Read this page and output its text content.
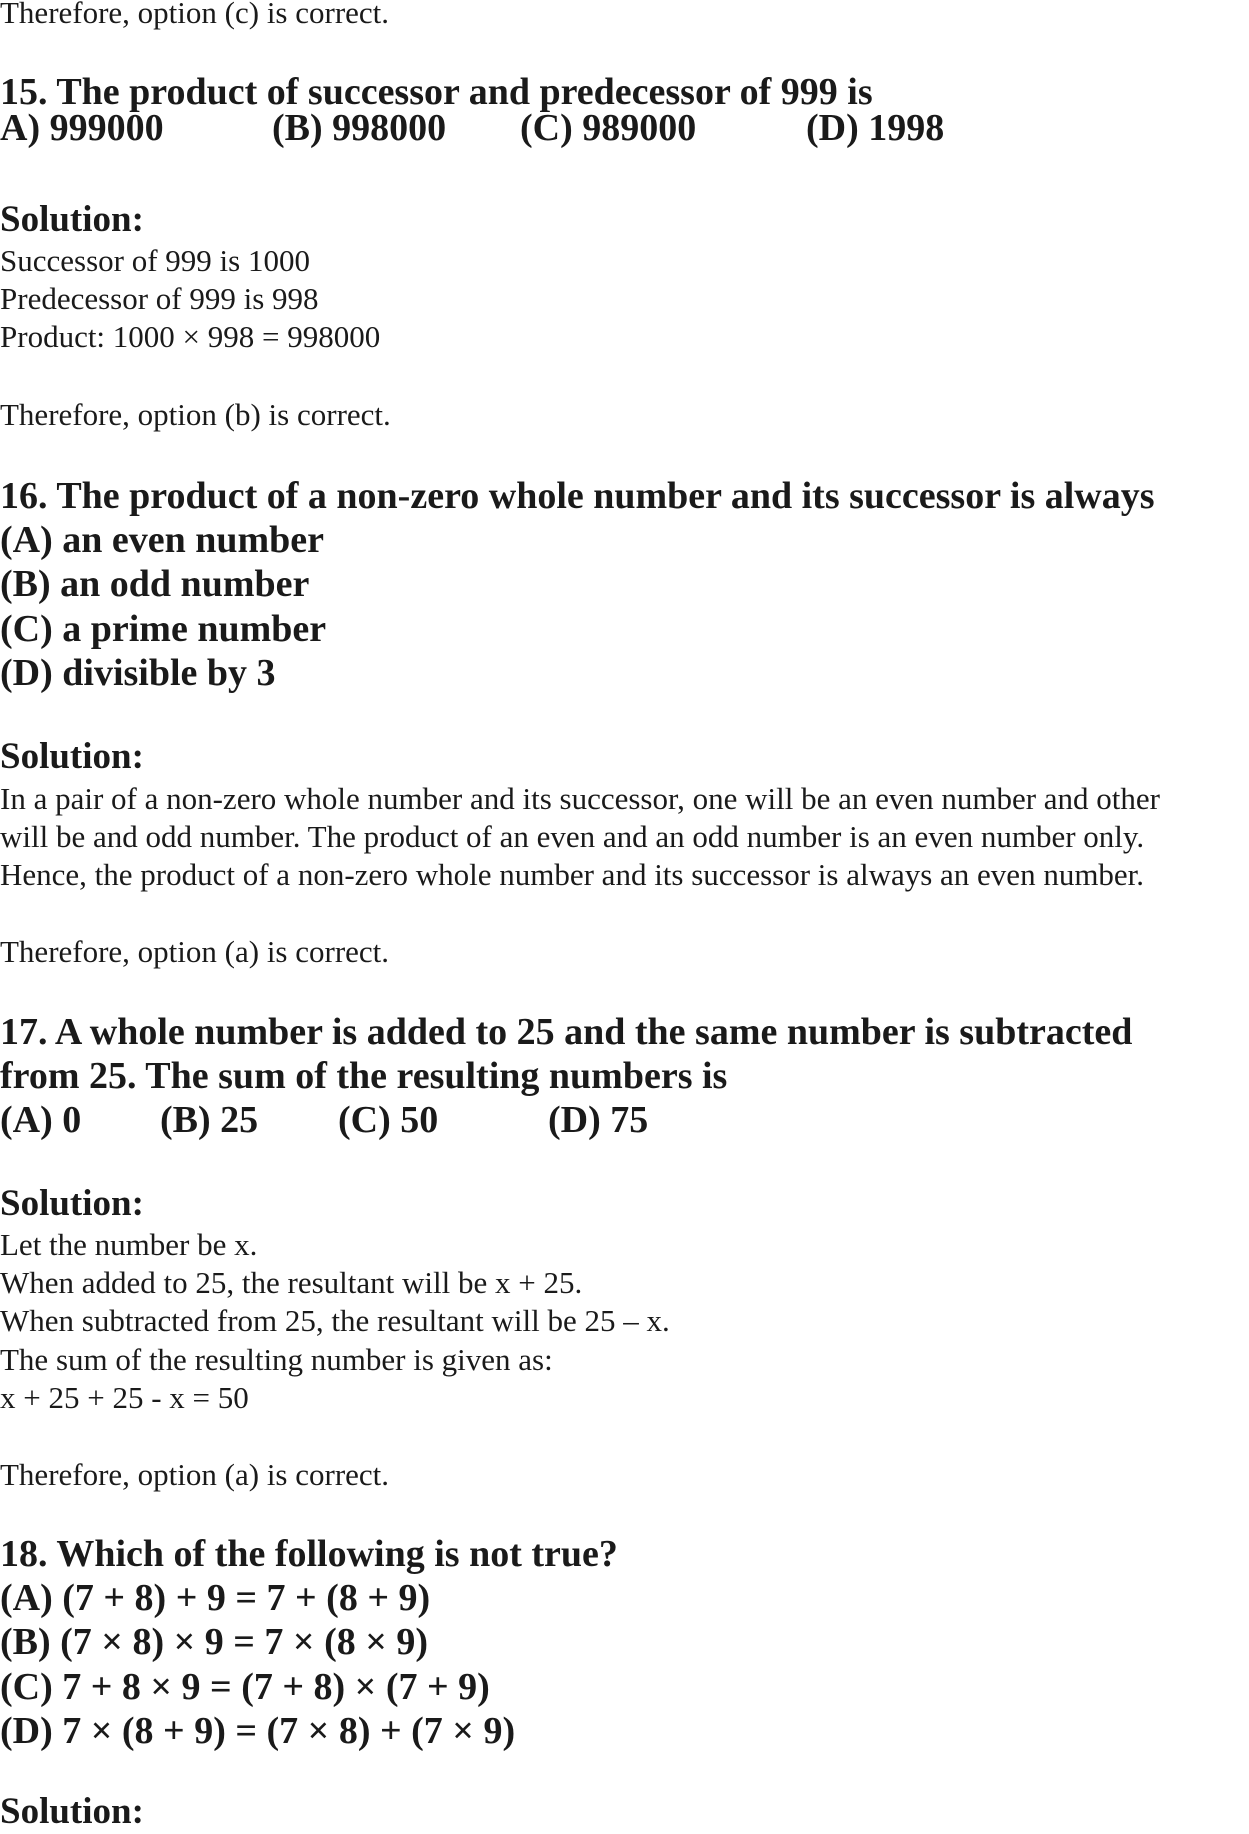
Therefore, option (c) is correct.
15. The product of successor and predecessor of 999 is
A) 999000	(B) 998000 (C) 989000	(D) 1998
Solution:
Successor of 999 is 1000
Predecessor of 999 is 998
Product: 1000 × 998 = 998000
Therefore, option (b) is correct.
16. The product of a non-zero whole number and its successor is always
(A) an even number
(B) an odd number
(C) a prime number
(D) divisible by 3
Solution:
In a pair of a non-zero whole number and its successor, one will be an even number and other
will be and odd number. The product of an even and an odd number is an even number only.
Hence, the product of a non-zero whole number and its successor is always an even number.
Therefore, option (a) is correct.
17. A whole number is added to 25 and the same number is subtracted
from 25. The sum of the resulting numbers is
(A) 0 (B) 25 (C) 50	(D) 75
Solution:
Let the number be x.
When added to 25, the resultant will be x + 25.
When subtracted from 25, the resultant will be 25 – x.
The sum of the resulting number is given as:
x + 25 + 25 - x = 50
Therefore, option (a) is correct.
18. Which of the following is not true?
(A) (7 + 8) + 9 = 7 + (8 + 9)
(B) (7 × 8) × 9 = 7 × (8 × 9)
(C) 7 + 8 × 9 = (7 + 8) × (7 + 9)
(D) 7 × (8 + 9) = (7 × 8) + (7 × 9)
Solution:
